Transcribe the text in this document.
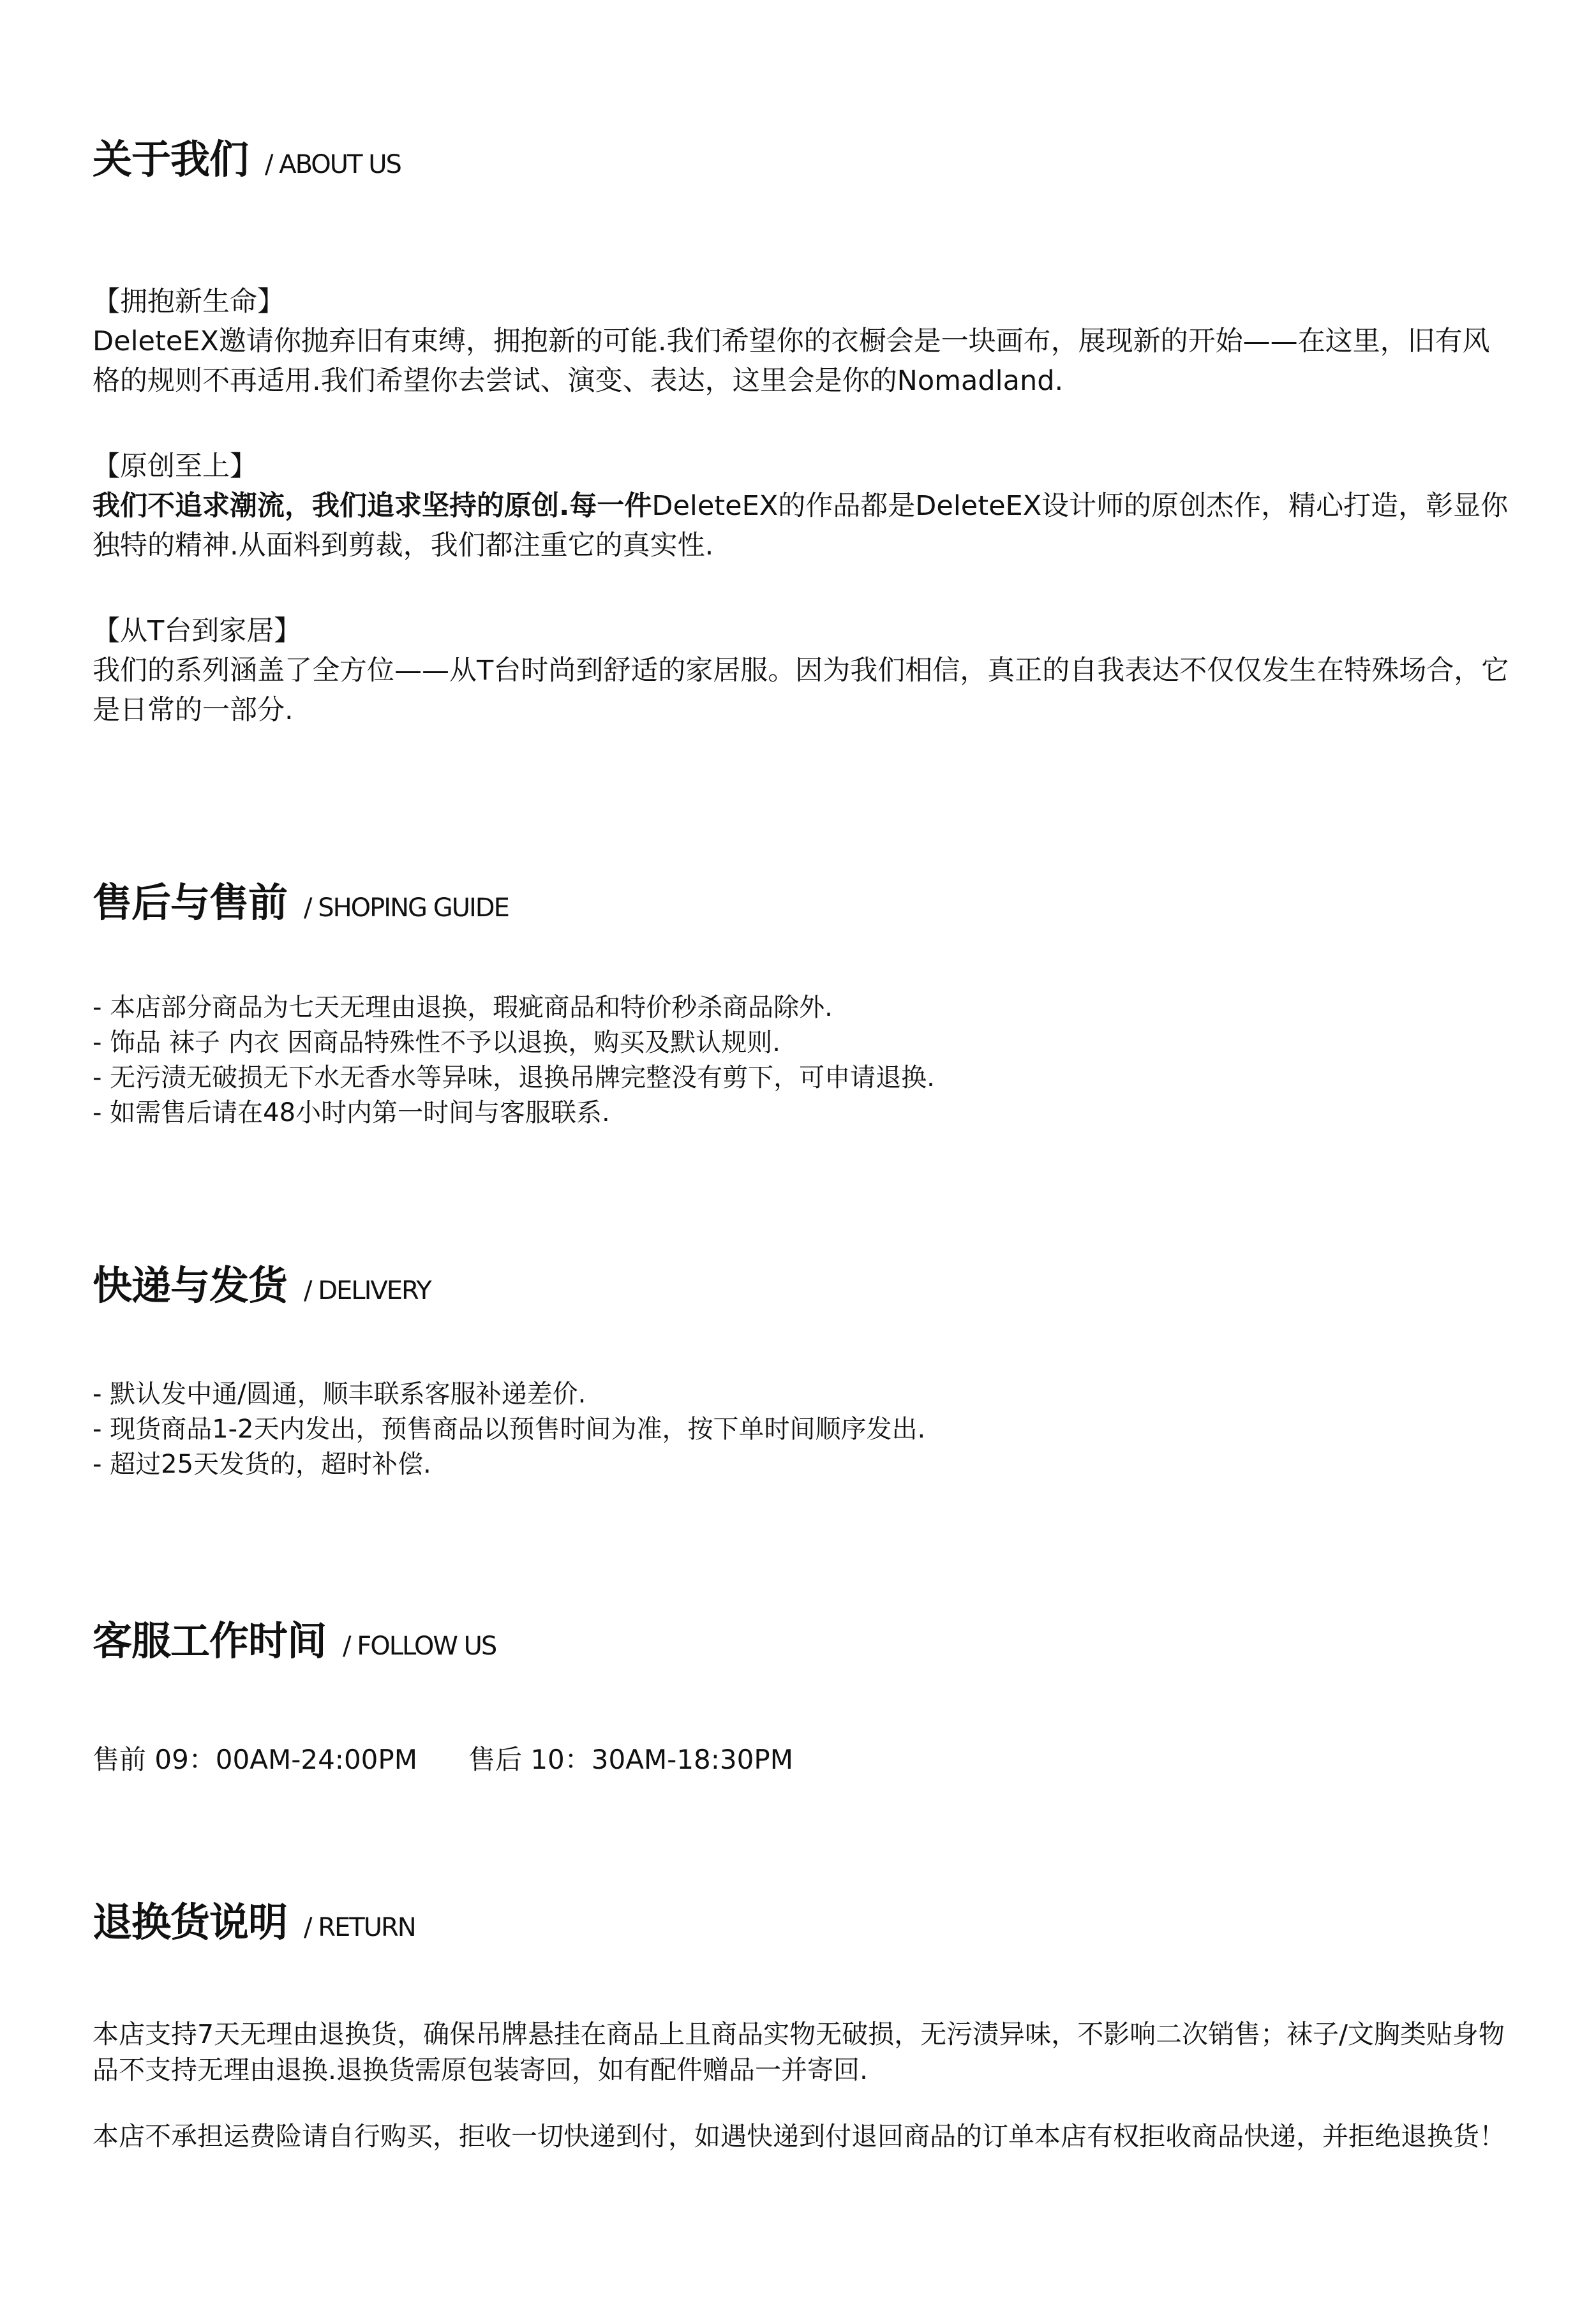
关于我们 / ABOUT US

【拥抱新生命】

DeleteEX邀请你抛弃旧有束缚，拥抱新的可能.我们希望你的衣橱会是一块画布，展现新的开始——在这里，旧有风格的规则不再适用.我们希望你去尝试、演变、表达，这里会是你的Nomadland.

【原创至上】

我们不追求潮流，我们追求坚持的原创.每一件DeleteEX的作品都是DeleteEX设计师的原创杰作，精心打造，彰显你独特的精神.从面料到剪裁，我们都注重它的真实性.

【从T台到家居】

我们的系列涵盖了全方位——从T台时尚到舒适的家居服。因为我们相信，真正的自我表达不仅仅发生在特殊场合，它是日常的一部分.

售后与售前 / SHOPING GUIDE

- 本店部分商品为七天无理由退换，瑕疵商品和特价秒杀商品除外.

- 饰品 袜子 内衣 因商品特殊性不予以退换，购买及默认规则.

- 无污渍无破损无下水无香水等异味，退换吊牌完整没有剪下，可申请退换.

- 如需售后请在48小时内第一时间与客服联系.

快递与发货 / DELIVERY

- 默认发中通/圆通，顺丰联系客服补递差价.

- 现货商品1-2天内发出，预售商品以预售时间为准，按下单时间顺序发出.

- 超过25天发货的，超时补偿.

客服工作时间 / FOLLOW US
售前 09：00AM-24:00PM 售后 10：30AM-18:30PM
退换货说明 / RETURN

本店支持7天无理由退换货，确保吊牌悬挂在商品上且商品实物无破损，无污渍异味，不影响二次销售；袜子/文胸类贴身物品不支持无理由退换.退换货需原包装寄回，如有配件赠品一并寄回.

本店不承担运费险请自行购买，拒收一切快递到付，如遇快递到付退回商品的订单本店有权拒收商品快递，并拒绝退换货！
